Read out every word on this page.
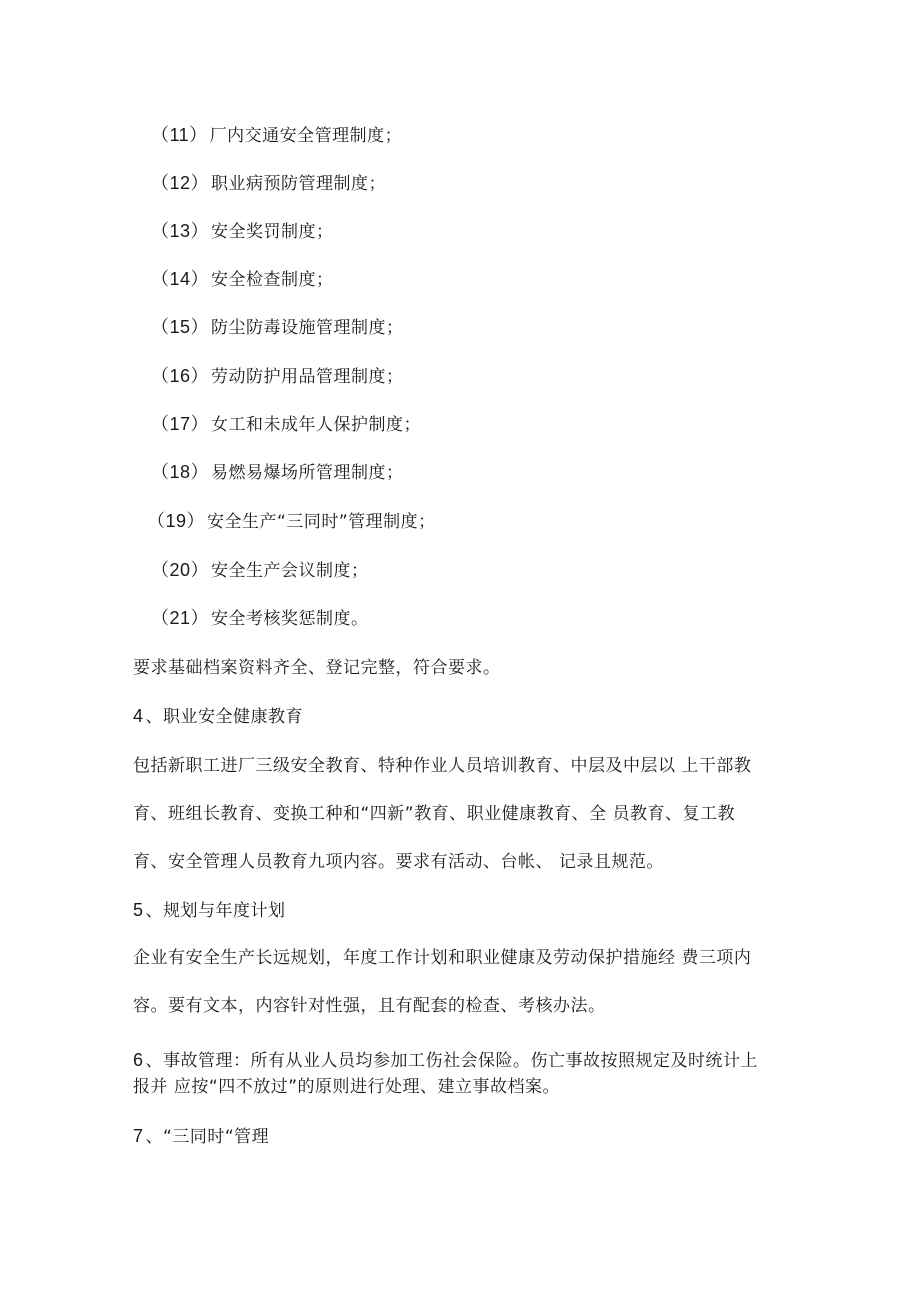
（11） 厂内交通安全管理制度；
（12） 职业病预防管理制度；
（13） 安全奖罚制度；
（14） 安全检查制度；
（15） 防尘防毒设施管理制度；
（16） 劳动防护用品管理制度；
（17） 女工和未成年人保护制度；
（18） 易燃易爆场所管理制度；
（19） 安全生产“三同时”管理制度；
（20） 安全生产会议制度；
（21） 安全考核奖惩制度。
要求基础档案资料齐全、登记完整，符合要求。
4 、职业安全健康教育
包括新职工进厂三级安全教育、特种作业人员培训教育、中层及中层以 上干部教
育、班组长教育、变换工种和“四新”教育、职业健康教育、全 员教育、复工教
育、安全管理人员教育九项内容。要求有活动、台帐、 记录且规范。
5 、规划与年度计划
企业有安全生产长远规划，年度工作计划和职业健康及劳动保护措施经 费三项内
容。要有文本，内容针对性强，且有配套的检查、考核办法。
6 、事故管理：所有从业人员均参加工伤社会保险。伤亡事故按照规定及时统计上
报并 应按“四不放过”的原则进行处理、建立事故档案。
7 、“三同时“管理
